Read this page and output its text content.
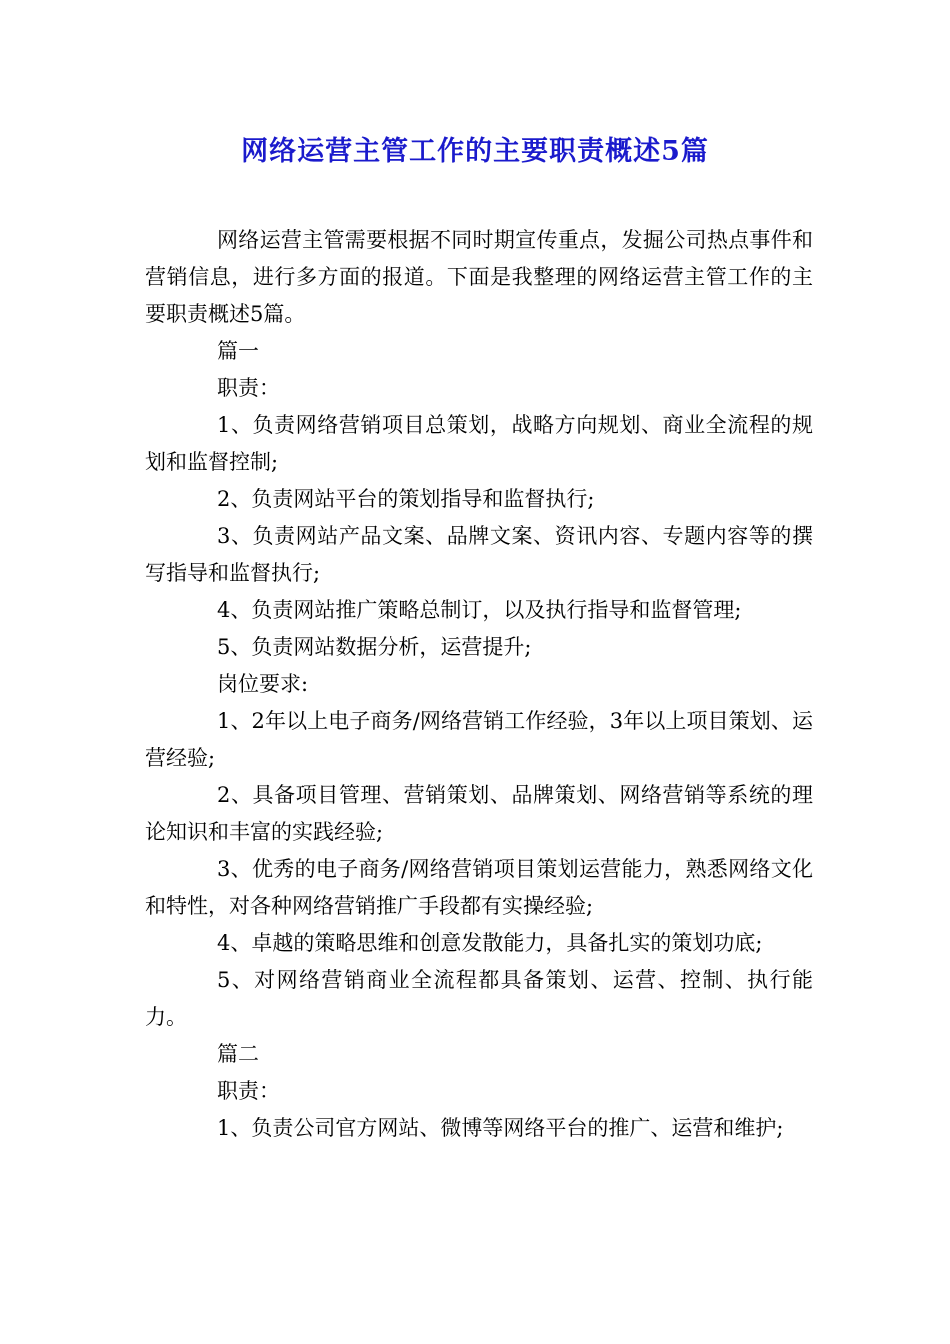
网络运营主管工作的主要职责概述5篇

网络运营主管需要根据不同时期宣传重点，发掘公司热点事件和营销信息，进行多方面的报道。下面是我整理的网络运营主管工作的主要职责概述5篇。

篇一

职责：

1、负责网络营销项目总策划，战略方向规划、商业全流程的规划和监督控制;

2、负责网站平台的策划指导和监督执行;

3、负责网站产品文案、品牌文案、资讯内容、专题内容等的撰写指导和监督执行;

4、负责网站推广策略总制订，以及执行指导和监督管理;

5、负责网站数据分析，运营提升;

岗位要求:

1、2年以上电子商务/网络营销工作经验，3年以上项目策划、运营经验;

2、具备项目管理、营销策划、品牌策划、网络营销等系统的理论知识和丰富的实践经验;

3、优秀的电子商务/网络营销项目策划运营能力，熟悉网络文化和特性，对各种网络营销推广手段都有实操经验;

4、卓越的策略思维和创意发散能力，具备扎实的策划功底;

5、对网络营销商业全流程都具备策划、运营、控制、执行能力。

篇二

职责：

1、负责公司官方网站、微博等网络平台的推广、运营和维护;
